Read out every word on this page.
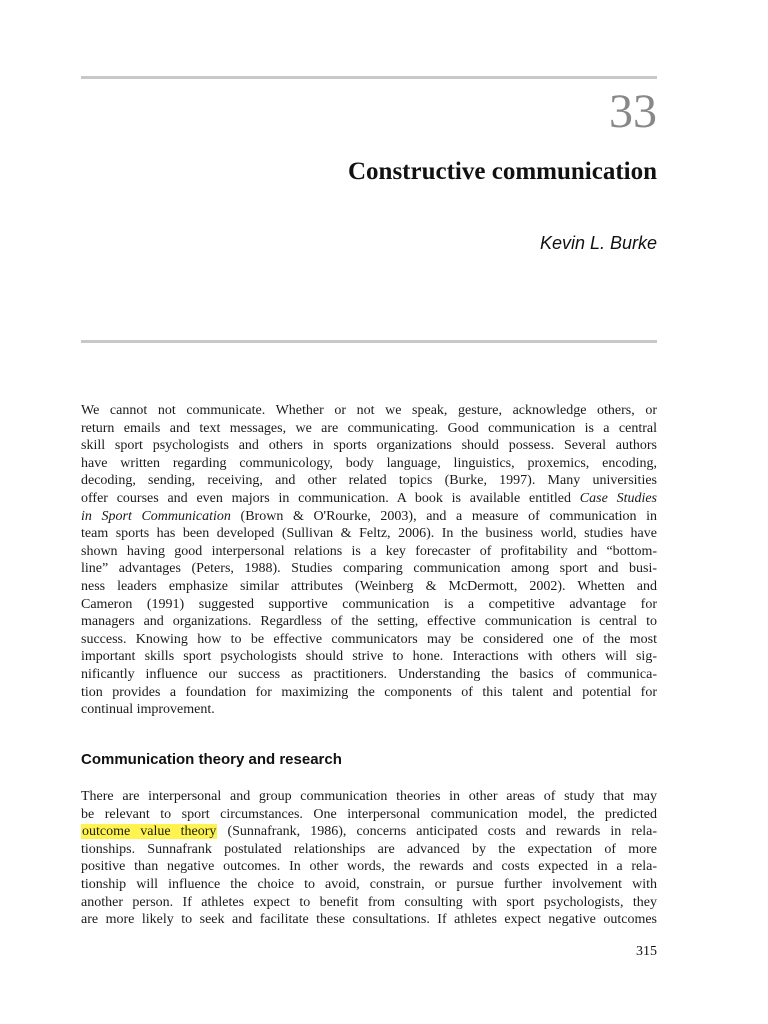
33
Constructive communication
Kevin L. Burke
We cannot not communicate. Whether or not we speak, gesture, acknowledge others, or
return emails and text messages, we are communicating. Good communication is a central
skill sport psychologists and others in sports organizations should possess. Several authors
have written regarding communicology, body language, linguistics, proxemics, encoding,
decoding, sending, receiving, and other related topics (Burke, 1997). Many universities
offer courses and even majors in communication. A book is available entitled Case Studies
in Sport Communication (Brown & O'Rourke, 2003), and a measure of communication in
team sports has been developed (Sullivan & Feltz, 2006). In the business world, studies have
shown having good interpersonal relations is a key forecaster of profitability and “bottom-
line” advantages (Peters, 1988). Studies comparing communication among sport and busi-
ness leaders emphasize similar attributes (Weinberg & McDermott, 2002). Whetten and
Cameron (1991) suggested supportive communication is a competitive advantage for
managers and organizations. Regardless of the setting, effective communication is central to
success. Knowing how to be effective communicators may be considered one of the most
important skills sport psychologists should strive to hone. Interactions with others will sig-
nificantly influence our success as practitioners. Understanding the basics of communica-
tion provides a foundation for maximizing the components of this talent and potential for
continual improvement.
Communication theory and research
There are interpersonal and group communication theories in other areas of study that may
be relevant to sport circumstances. One interpersonal communication model, the predicted
outcome value theory (Sunnafrank, 1986), concerns anticipated costs and rewards in rela-
tionships. Sunnafrank postulated relationships are advanced by the expectation of more
positive than negative outcomes. In other words, the rewards and costs expected in a rela-
tionship will influence the choice to avoid, constrain, or pursue further involvement with
another person. If athletes expect to benefit from consulting with sport psychologists, they
are more likely to seek and facilitate these consultations. If athletes expect negative outcomes
315
